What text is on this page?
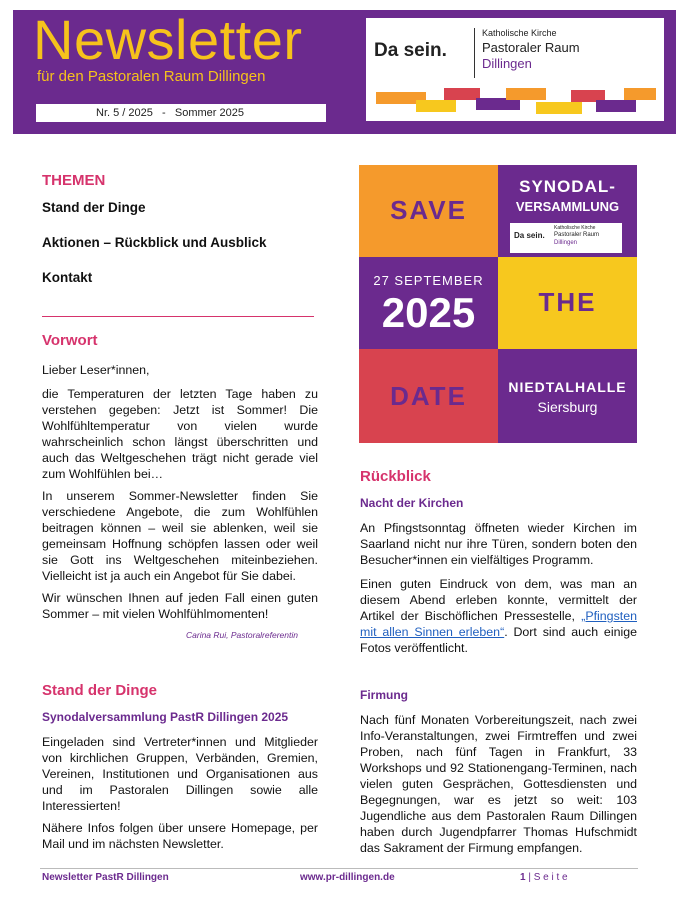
Newsletter
für den Pastoralen Raum Dillingen
Nr. 5 / 2025   -   Sommer 2025
Da sein.
Katholische Kirche
Pastoraler Raum
Dillingen
THEMEN
Stand der Dinge
Aktionen – Rückblick und Ausblick
Kontakt
Vorwort
Lieber Leser*innen,
die Temperaturen der letzten Tage haben zu verstehen gegeben: Jetzt ist Sommer! Die Wohlfühltemperatur von vielen wurde wahrscheinlich schon längst überschritten und auch das Weltgeschehen trägt nicht gerade viel zum Wohlfühlen bei…
In unserem Sommer-Newsletter finden Sie verschiedene Angebote, die zum Wohlfühlen beitragen können – weil sie ablenken, weil sie gemeinsam Hoffnung schöpfen lassen oder weil sie Gott ins Weltgeschehen miteinbeziehen. Vielleicht ist ja auch ein Angebot für Sie dabei.
Wir wünschen Ihnen auf jeden Fall einen guten Sommer – mit vielen Wohlfühlmomenten!
Carina Rui, Pastoralreferentin
Stand der Dinge
Synodalversammlung PastR Dillingen 2025
Eingeladen sind Vertreter*innen und Mitglieder von kirchlichen Gruppen, Verbänden, Gremien, Vereinen, Institutionen und Organisationen aus und im Pastoralen Dillingen sowie alle Interessierten!
Nähere Infos folgen über unsere Homepage, per Mail und im nächsten Newsletter.
SAVE
SYNODAL-
VERSAMMLUNG
Da sein.
Katholische Kirche
Pastoraler Raum
Dillingen
27 SEPTEMBER
2025	THE
DATE	NIEDTALHALLE
Siersburg
Rückblick
Nacht der Kirchen
An Pfingstsonntag öffneten wieder Kirchen im Saarland nicht nur ihre Türen, sondern boten den Besucher*innen ein vielfältiges Programm.
Einen guten Eindruck von dem, was man an diesem Abend erleben konnte, vermittelt der Artikel der Bischöflichen Pressestelle, „Pfingsten mit allen Sinnen erleben“. Dort sind auch einige Fotos veröffentlicht.
Firmung
Nach fünf Monaten Vorbereitungszeit, nach zwei Info-Veranstaltungen, zwei Firmtreffen und zwei Proben, nach fünf Tagen in Frankfurt, 33 Workshops und 92 Stationengang-Terminen, nach vielen guten Gesprächen, Gottesdiensten und Begegnungen, war es jetzt so weit: 103 Jugendliche aus dem Pastoralen Raum Dillingen haben durch Jugendpfarrer Thomas Hufschmidt das Sakrament der Firmung empfangen.
Newsletter PastR Dillingen	www.pr-dillingen.de	1 | S e i t e
